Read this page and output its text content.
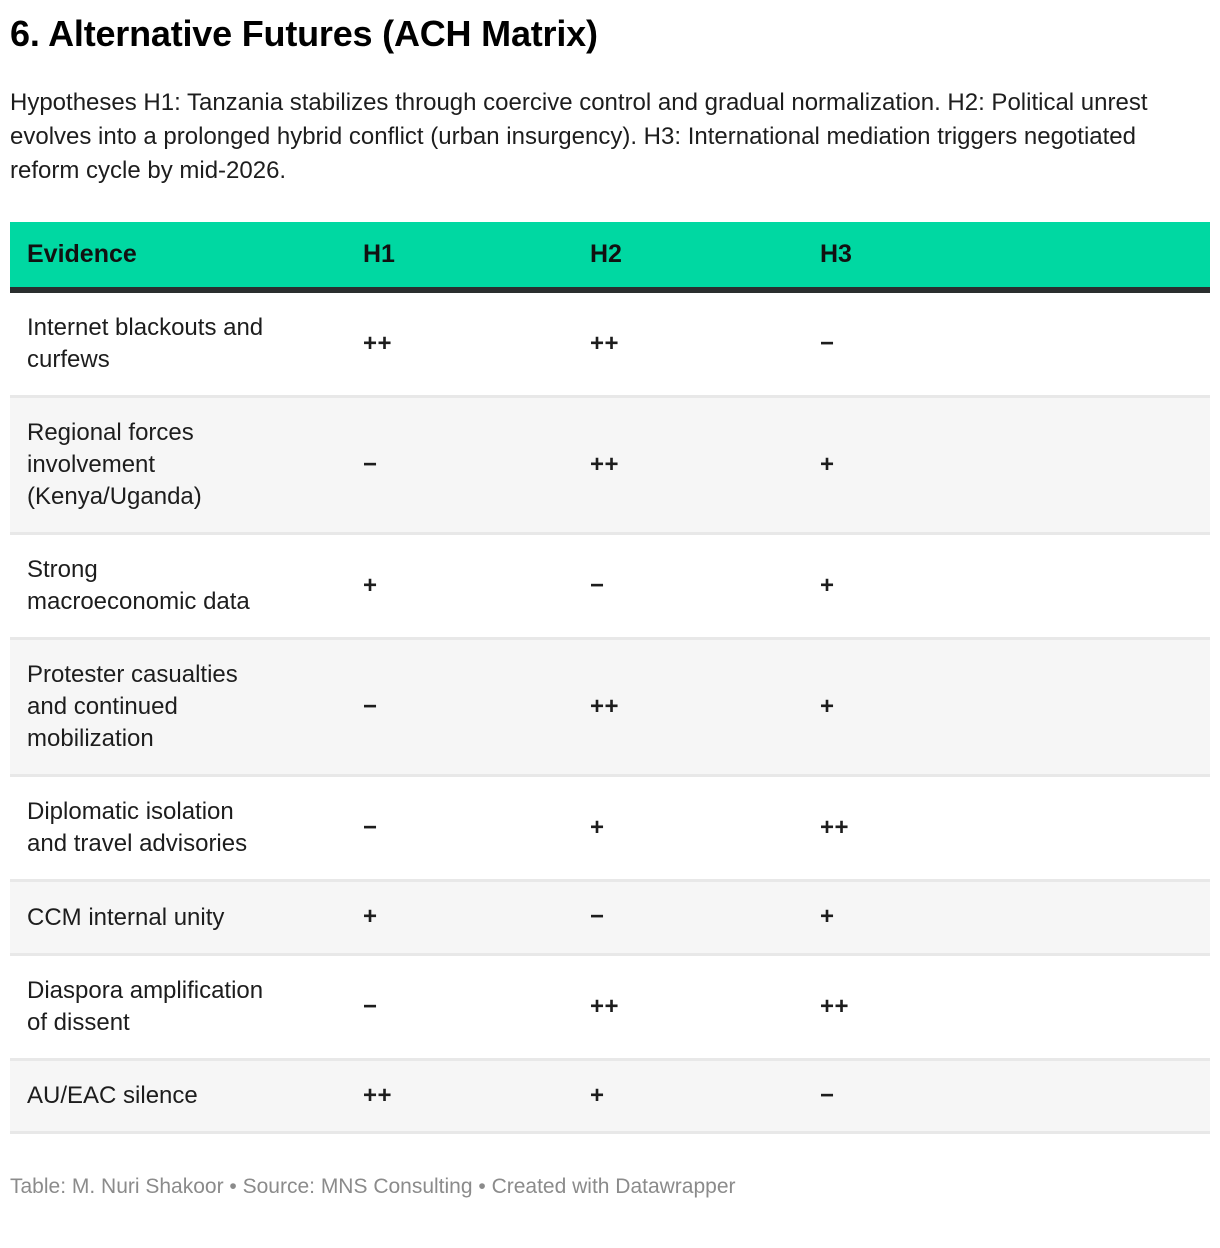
6. Alternative Futures (ACH Matrix)

Hypotheses H1: Tanzania stabilizes through coercive control and gradual normalization. H2: Political unrest evolves into a prolonged hybrid conflict (urban insurgency). H3: International mediation triggers negotiated reform cycle by mid-2026.

Evidence	H1	H2	H3
Internet blackouts and curfews	++	++	−
Regional forces involvement (Kenya/Uganda)	−	++	+
Strong macroeconomic data	+	−	+
Protester casualties and continued mobilization	−	++	+
Diplomatic isolation and travel advisories	−	+	++
CCM internal unity	+	−	+
Diaspora amplification of dissent	−	++	++
AU/EAC silence	++	+	−
Table: M. Nuri Shakoor • Source: MNS Consulting • Created with Datawrapper
